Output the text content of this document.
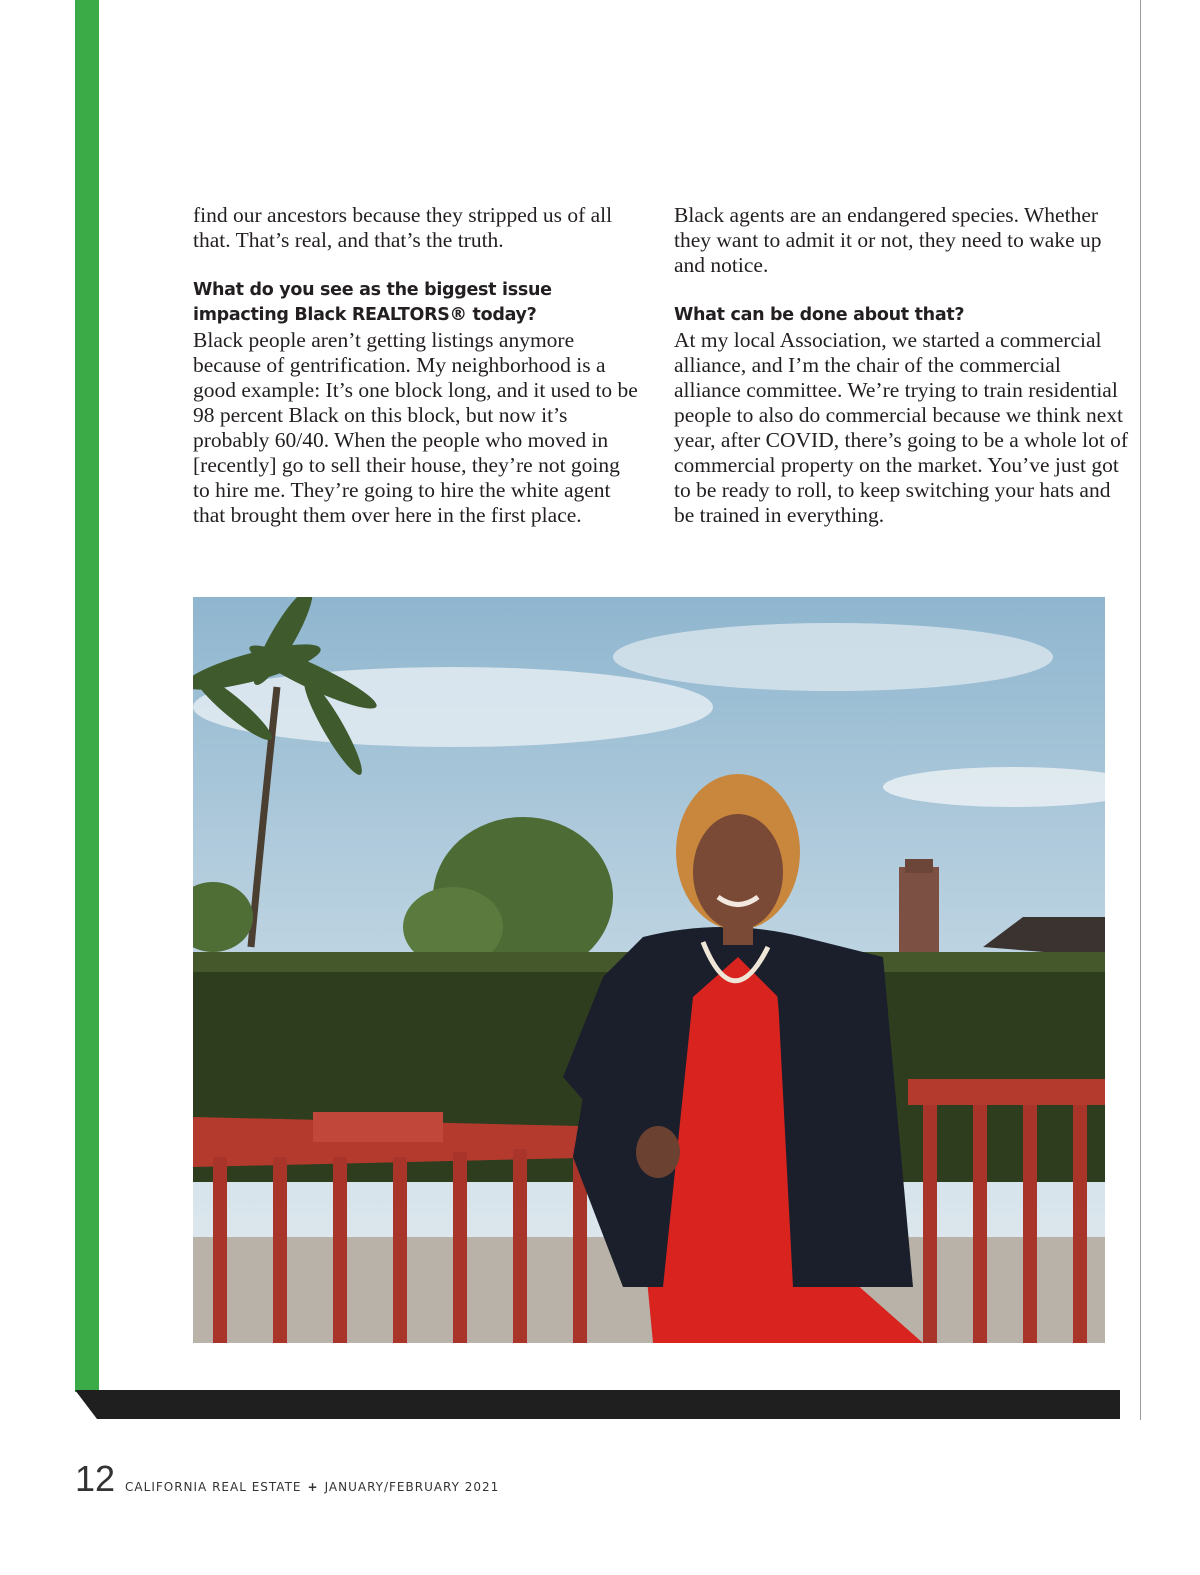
find our ancestors because they stripped us of all that. That’s real, and that’s the truth.

What do you see as the biggest issue impacting Black REALTORS® today?

Black people aren’t getting listings anymore because of gentrification. My neighborhood is a good example: It’s one block long, and it used to be 98 percent Black on this block, but now it’s probably 60/40. When the people who moved in [recently] go to sell their house, they’re not going to hire me. They’re going to hire the white agent that brought them over here in the first place.

Black agents are an endangered species. Whether they want to admit it or not, they need to wake up and notice.

What can be done about that?

At my local Association, we started a commercial alliance, and I’m the chair of the commercial alliance committee. We’re trying to train residential people to also do commercial because we think next year, after COVID, there’s going to be a whole lot of commercial property on the market. You’ve just got to be ready to roll, to keep switching your hats and be trained in everything.

12 CALIFORNIA REAL ESTATE + JANUARY/FEBRUARY 2021
